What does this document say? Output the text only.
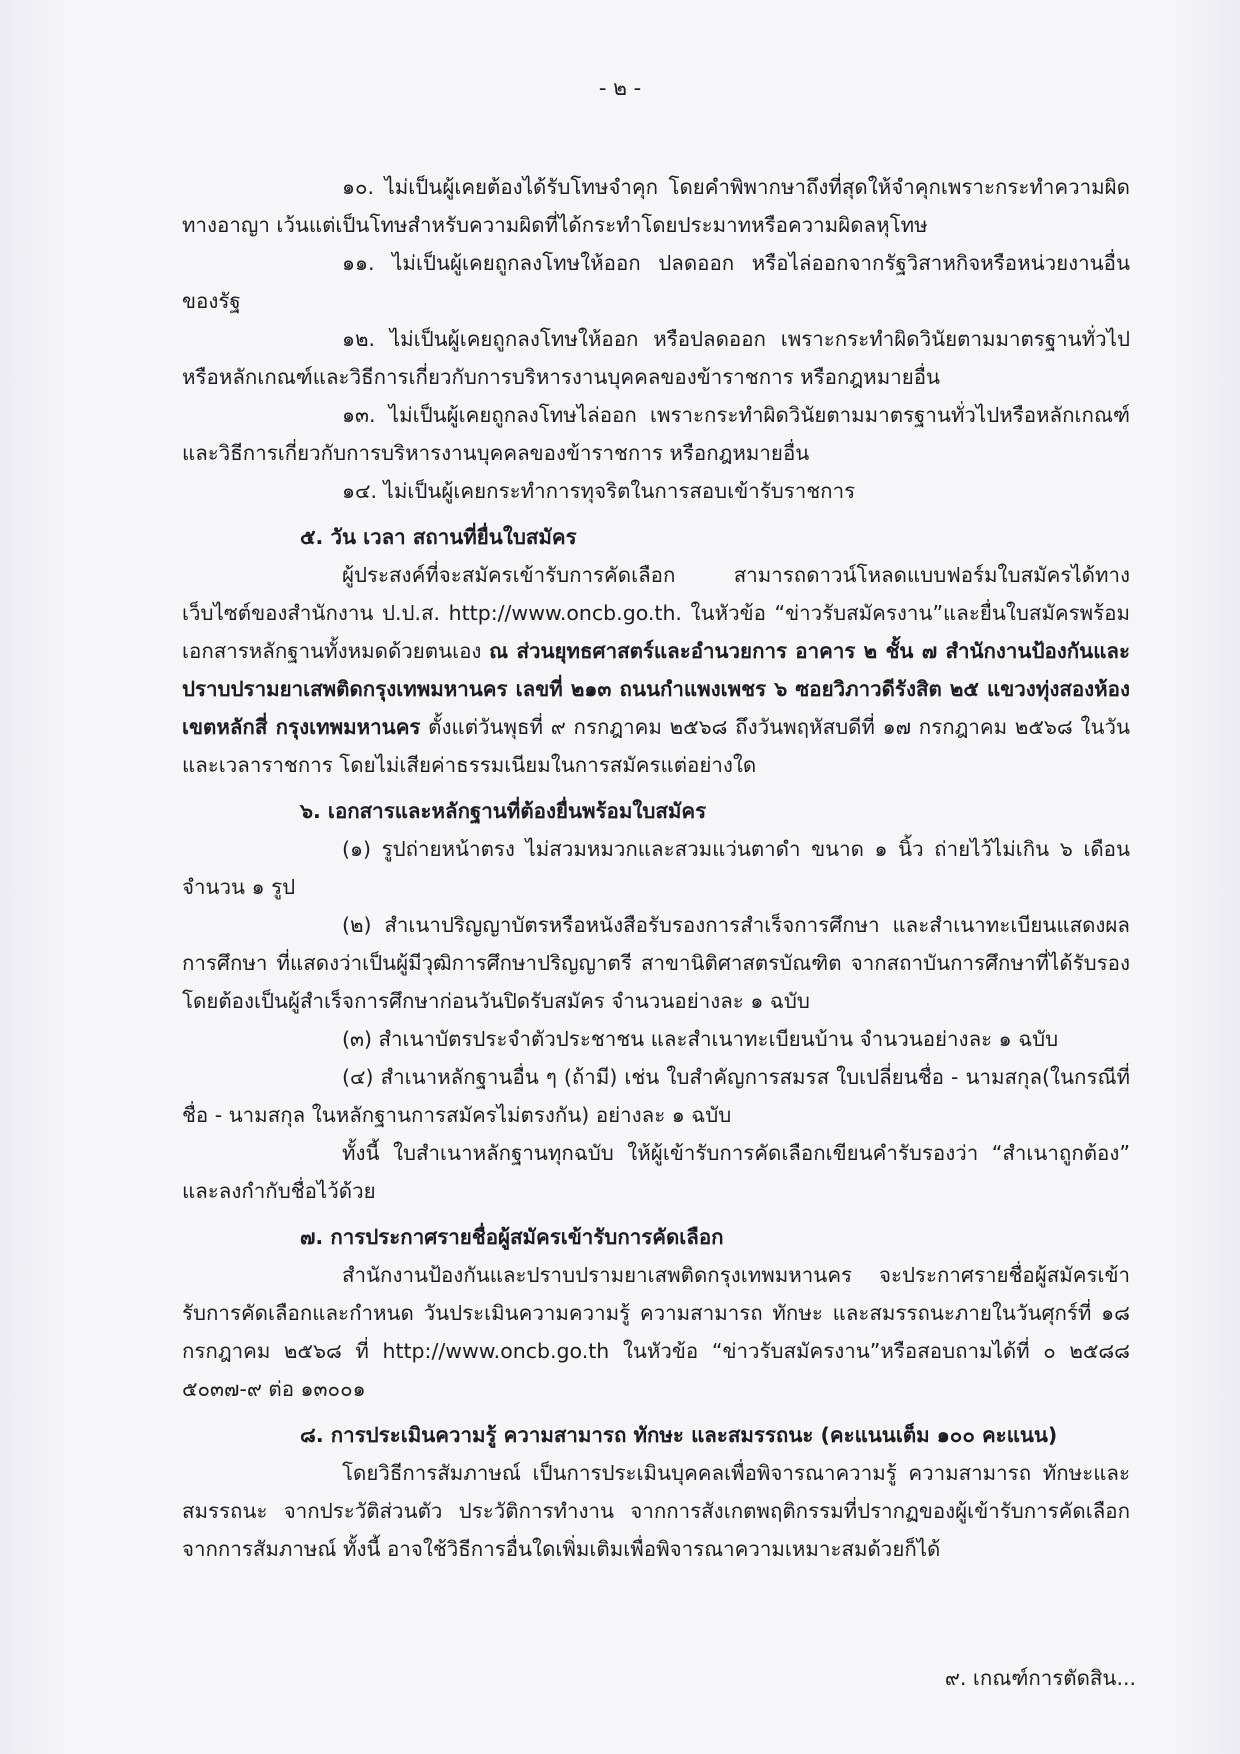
- ๒ -

๑๐. ไม่เป็นผู้เคยต้องได้รับโทษจำคุก โดยคำพิพากษาถึงที่สุดให้จำคุกเพราะกระทำความผิดทางอาญา เว้นแต่เป็นโทษสำหรับความผิดที่ได้กระทำโดยประมาทหรือความผิดลหุโทษ

๑๑. ไม่เป็นผู้เคยถูกลงโทษให้ออก ปลดออก หรือไล่ออกจากรัฐวิสาหกิจหรือหน่วยงานอื่นของรัฐ

๑๒. ไม่เป็นผู้เคยถูกลงโทษให้ออก หรือปลดออก เพราะกระทำผิดวินัยตามมาตรฐานทั่วไปหรือหลักเกณฑ์และวิธีการเกี่ยวกับการบริหารงานบุคคลของข้าราชการ หรือกฎหมายอื่น

๑๓. ไม่เป็นผู้เคยถูกลงโทษไล่ออก เพราะกระทำผิดวินัยตามมาตรฐานทั่วไปหรือหลักเกณฑ์และวิธีการเกี่ยวกับการบริหารงานบุคคลของข้าราชการ หรือกฎหมายอื่น

๑๔. ไม่เป็นผู้เคยกระทำการทุจริตในการสอบเข้ารับราชการ

๕. วัน เวลา สถานที่ยื่นใบสมัคร

ผู้ประสงค์ที่จะสมัครเข้ารับการคัดเลือก สามารถดาวน์โหลดแบบฟอร์มใบสมัครได้ทางเว็บไซต์ของสำนักงาน ป.ป.ส. http://www.oncb.go.th. ในหัวข้อ “ข่าวรับสมัครงาน”และยื่นใบสมัครพร้อมเอกสารหลักฐานทั้งหมดด้วยตนเอง ณ ส่วนยุทธศาสตร์และอำนวยการ อาคาร ๒ ชั้น ๗ สำนักงานป้องกันและปราบปรามยาเสพติดกรุงเทพมหานคร เลขที่ ๒๑๓ ถนนกำแพงเพชร ๖ ซอยวิภาวดีรังสิต ๒๕ แขวงทุ่งสองห้อง เขตหลักสี่ กรุงเทพมหานคร ตั้งแต่วันพุธที่ ๙ กรกฎาคม ๒๕๖๘ ถึงวันพฤหัสบดีที่ ๑๗ กรกฎาคม ๒๕๖๘ ในวันและเวลาราชการ โดยไม่เสียค่าธรรมเนียมในการสมัครแต่อย่างใด

๖. เอกสารและหลักฐานที่ต้องยื่นพร้อมใบสมัคร

(๑) รูปถ่ายหน้าตรง ไม่สวมหมวกและสวมแว่นตาดำ ขนาด ๑ นิ้ว ถ่ายไว้ไม่เกิน ๖ เดือนจำนวน ๑ รูป

(๒) สำเนาปริญญาบัตรหรือหนังสือรับรองการสำเร็จการศึกษา และสำเนาทะเบียนแสดงผลการศึกษา ที่แสดงว่าเป็นผู้มีวุฒิการศึกษาปริญญาตรี สาขานิติศาสตรบัณฑิต จากสถาบันการศึกษาที่ได้รับรองโดยต้องเป็นผู้สำเร็จการศึกษาก่อนวันปิดรับสมัคร จำนวนอย่างละ ๑ ฉบับ

(๓) สำเนาบัตรประจำตัวประชาชน และสำเนาทะเบียนบ้าน จำนวนอย่างละ ๑ ฉบับ

(๔) สำเนาหลักฐานอื่น ๆ (ถ้ามี) เช่น ใบสำคัญการสมรส ใบเปลี่ยนชื่อ - นามสกุล(ในกรณีที่ชื่อ - นามสกุล ในหลักฐานการสมัครไม่ตรงกัน) อย่างละ ๑ ฉบับ

ทั้งนี้ ใบสำเนาหลักฐานทุกฉบับ ให้ผู้เข้ารับการคัดเลือกเขียนคำรับรองว่า “สำเนาถูกต้อง” และลงกำกับชื่อไว้ด้วย

๗. การประกาศรายชื่อผู้สมัครเข้ารับการคัดเลือก

สำนักงานป้องกันและปราบปรามยาเสพติดกรุงเทพมหานคร จะประกาศรายชื่อผู้สมัครเข้ารับการคัดเลือกและกำหนด วันประเมินความความรู้ ความสามารถ ทักษะ และสมรรถนะภายในวันศุกร์ที่ ๑๘ กรกฎาคม ๒๕๖๘ ที่ http://www.oncb.go.th ในหัวข้อ “ข่าวรับสมัครงาน”หรือสอบถามได้ที่ ๐ ๒๕๘๘ ๕๐๓๗-๙ ต่อ ๑๓๐๐๑

๘. การประเมินความรู้ ความสามารถ ทักษะ และสมรรถนะ (คะแนนเต็ม ๑๐๐ คะแนน)

โดยวิธีการสัมภาษณ์ เป็นการประเมินบุคคลเพื่อพิจารณาความรู้ ความสามารถ ทักษะและสมรรถนะ จากประวัติส่วนตัว ประวัติการทำงาน จากการสังเกตพฤติกรรมที่ปรากฏของผู้เข้ารับการคัดเลือกจากการสัมภาษณ์ ทั้งนี้ อาจใช้วิธีการอื่นใดเพิ่มเติมเพื่อพิจารณาความเหมาะสมด้วยก็ได้

๙. เกณฑ์การตัดสิน...
